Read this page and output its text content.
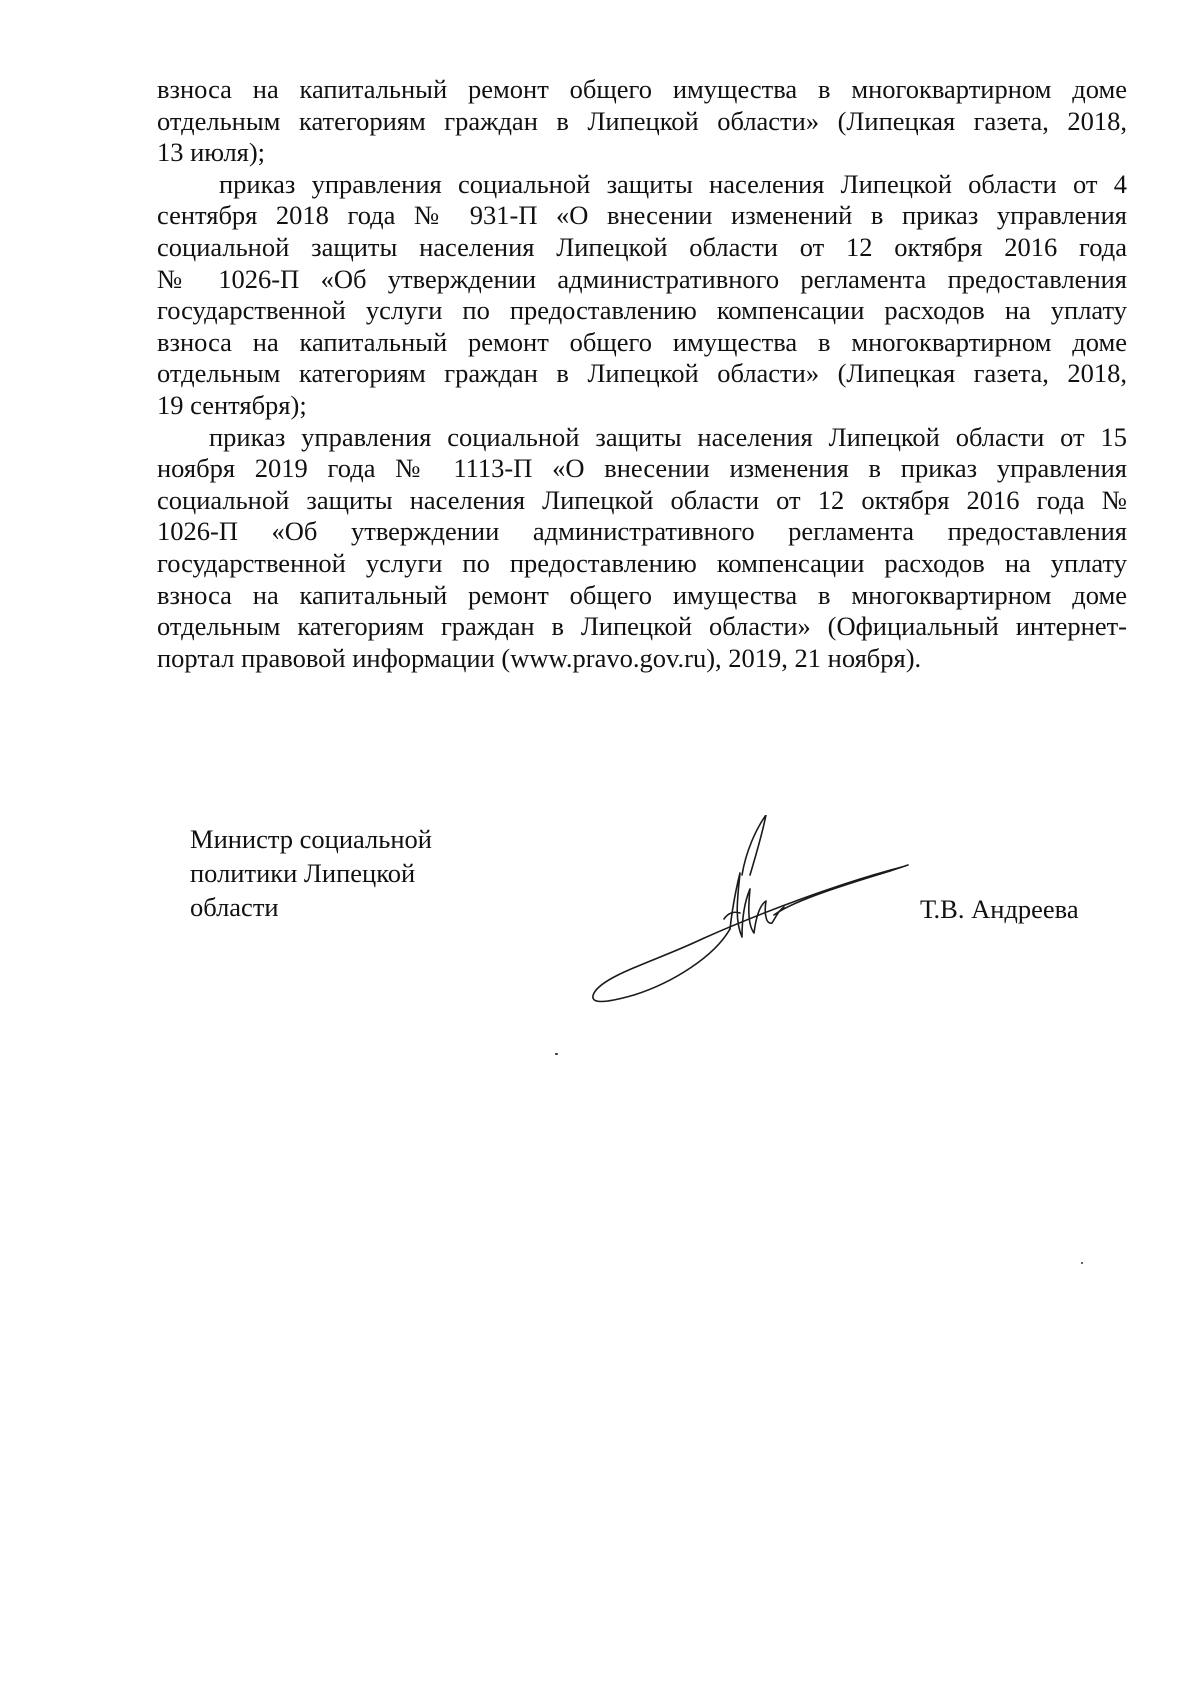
взноса на капитальный ремонт общего имущества в многоквартирном доме
отдельным категориям граждан в Липецкой области» (Липецкая газета, 2018,
13 июля);

приказ управления социальной защиты населения Липецкой области от 4
сентября 2018 года № 931-П «О внесении изменений в приказ управления
социальной защиты населения Липецкой области от 12 октября 2016 года
№ 1026-П «Об утверждении административного регламента предоставления
государственной услуги по предоставлению компенсации расходов на уплату
взноса на капитальный ремонт общего имущества в многоквартирном доме
отдельным категориям граждан в Липецкой области» (Липецкая газета, 2018,
19 сентября);

приказ управления социальной защиты населения Липецкой области от 15
ноября 2019 года № 1113-П «О внесении изменения в приказ управления
социальной защиты населения Липецкой области от 12 октября 2016 года №
1026-П «Об утверждении административного регламента предоставления
государственной услуги по предоставлению компенсации расходов на уплату
взноса на капитальный ремонт общего имущества в многоквартирном доме
отдельным категориям граждан в Липецкой области» (Официальный интернет-
портал правовой информации (www.pravo.gov.ru), 2019, 21 ноября).

Министр социальной
политики Липецкой
области	Т.В. Андреева
